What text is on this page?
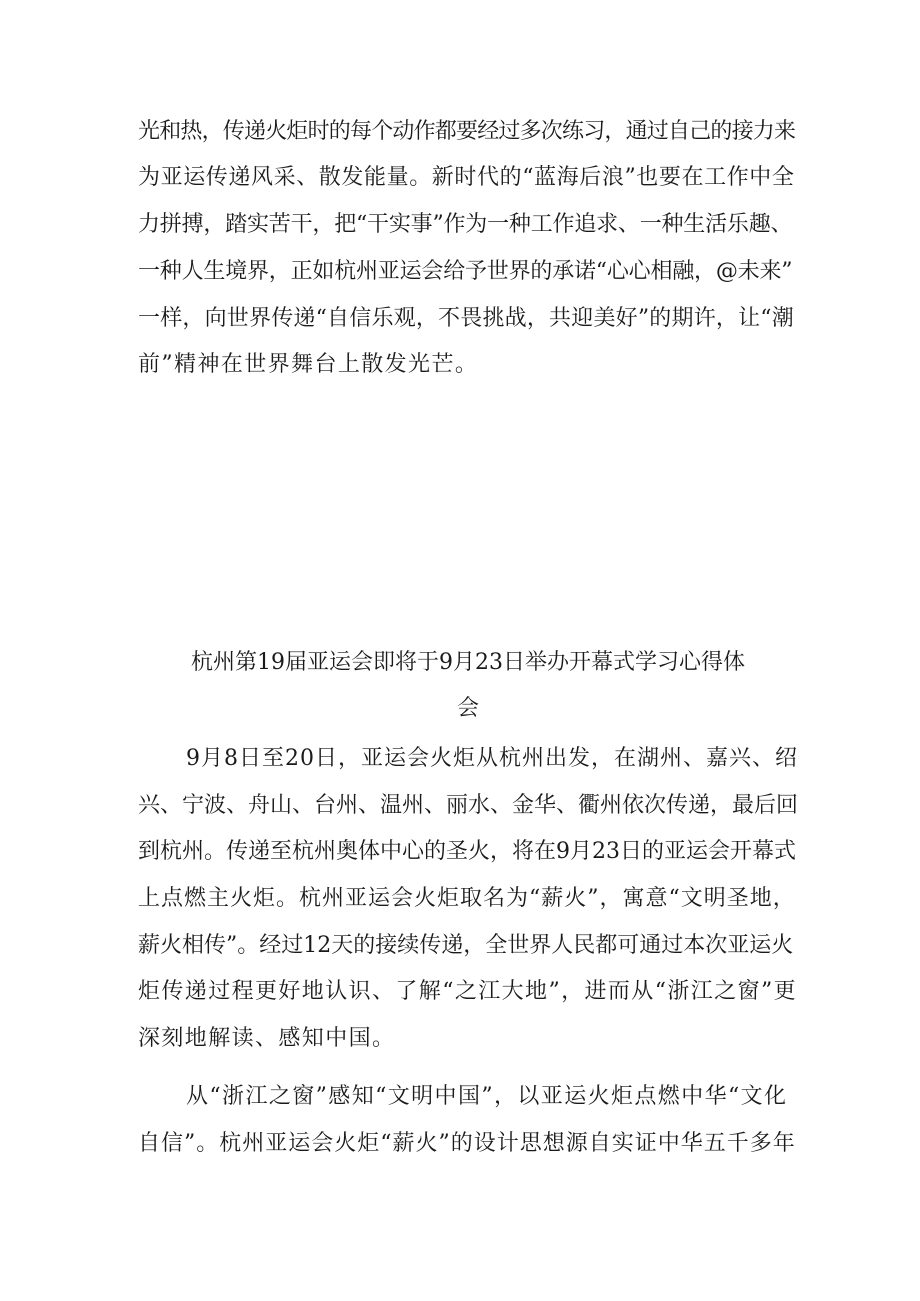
光和热，传递火炬时的每个动作都要经过多次练习，通过自己的接力来
为亚运传递风采、散发能量。新时代的“蓝海后浪”也要在工作中全
力拼搏，踏实苦干，把“干实事”作为一种工作追求、一种生活乐趣、
一种人生境界，正如杭州亚运会给予世界的承诺“心心相融，@未来”
一样，向世界传递“自信乐观，不畏挑战，共迎美好”的期许，让“潮
前”精神在世界舞台上散发光芒。
杭州第19届亚运会即将于9月23日举办开幕式学习心得体
会
9月8日至20日，亚运会火炬从杭州出发，在湖州、嘉兴、绍
兴、宁波、舟山、台州、温州、丽水、金华、衢州依次传递，最后回
到杭州。传递至杭州奥体中心的圣火，将在9月23日的亚运会开幕式
上点燃主火炬。杭州亚运会火炬取名为“薪火”，寓意“文明圣地，
薪火相传”。经过12天的接续传递，全世界人民都可通过本次亚运火
炬传递过程更好地认识、了解“之江大地”，进而从“浙江之窗”更
深刻地解读、感知中国。
从“浙江之窗”感知“文明中国”，以亚运火炬点燃中华“文化
自信”。杭州亚运会火炬“薪火”的设计思想源自实证中华五千多年
